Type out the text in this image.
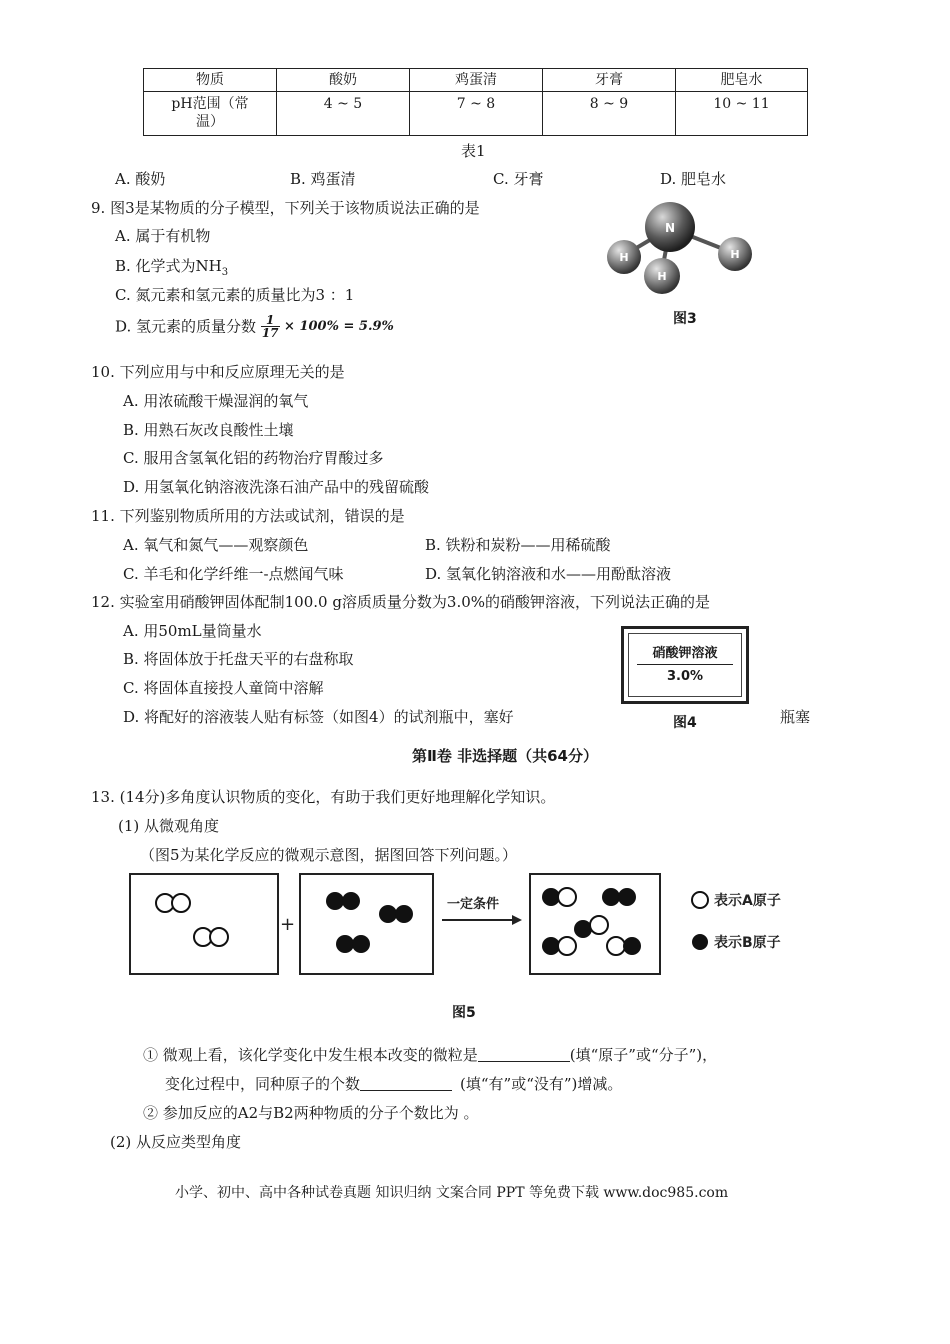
物质	酸奶	鸡蛋清	牙膏	肥皂水
pH范围（常温）	4 ~ 5	7 ~ 8	8 ~ 9	10 ~ 11
表1
A. 酸奶	B. 鸡蛋清	C. 牙膏	D. 肥皂水
9. 图3是某物质的分子模型，下列关于该物质说法正确的是
A. 属于有机物
B. 化学式为$NH_3$
C. 氮元素和氢元素的质量比为3 ：1
D. 氢元素的质量分数 $\frac{1}{17} \times 100\% = 5.9\%$
N
H	H
H
图3
10. 下列应用与中和反应原理无关的是
A. 用浓硫酸干燥湿润的氧气
B. 用熟石灰改良酸性土壤
C. 服用含氢氧化铝的药物治疗胃酸过多
D. 用氢氧化钠溶液洗涤石油产品中的残留硫酸
11. 下列鉴别物质所用的方法或试剂，错误的是
A. 氧气和氮气——观察颜色	B. 铁粉和炭粉——用稀硫酸
C. 羊毛和化学纤维一-点燃闻气味	D. 氢氧化钠溶液和水——用酚酞溶液
12. 实验室用硝酸钾固体配制100.0 g溶质质量分数为3.0%的硝酸钾溶液，下列说法正确的是
A. 用50mL量筒量水
B. 将固体放于托盘天平的右盘称取
C. 将固体直接投人童筒中溶解
D. 将配好的溶液装人贴有标签（如图4）的试剂瓶中，塞好	瓶塞
硝酸钾溶液
3.0%
图4
第Ⅱ卷 非选择题（共64分）
13. (14分)多角度认识物质的变化，有助于我们更好地理解化学知识。
(1) 从微观角度
（图5为某化学反应的微观示意图，据图回答下列问题。）
+
一定条件	表示A原子
表示B原子
图5
① 微观上看，该化学变化中发生根本改变的微粒是	(填“原子”或“分子”)，
变化过程中，同种原子的个数	(填“有”或“没有”)增减。
② 参加反应的A2与B2两种物质的分子个数比为 。
(2) 从反应类型角度
小学、初中、高中各种试卷真题 知识归纳 文案合同 PPT 等免费下载 www.doc985.com
